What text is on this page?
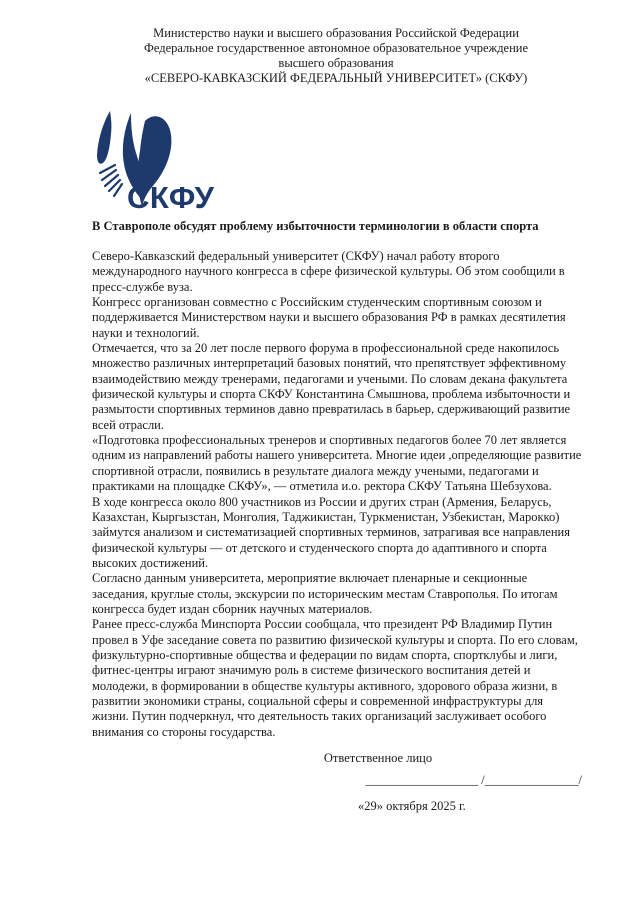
Министерство науки и высшего образования Российской Федерации
Федеральное государственное автономное образовательное учреждение
высшего образования
«СЕВЕРО-КАВКАЗСКИЙ ФЕДЕРАЛЬНЫЙ УНИВЕРСИТЕТ» (СКФУ)
СКФУ
В Ставрополе обсудят проблему избыточности терминологии в области спорта

Северо-Кавказский федеральный университет (СКФУ) начал работу второго международного научного конгресса в сфере физической культуры. Об этом сообщили в пресс-службе вуза.

Конгресс организован совместно с Российским студенческим спортивным союзом и поддерживается Министерством науки и высшего образования РФ в рамках десятилетия науки и технологий.

Отмечается, что за 20 лет после первого форума в профессиональной среде накопилось множество различных интерпретаций базовых понятий, что препятствует эффективному взаимодействию между тренерами, педагогами и учеными. По словам декана факультета физической культуры и спорта СКФУ Константина Смышнова, проблема избыточности и размытости спортивных терминов давно превратилась в барьер, сдерживающий развитие всей отрасли.

«Подготовка профессиональных тренеров и спортивных педагогов более 70 лет является одним из направлений работы нашего университета. Многие идеи ,определяющие развитие спортивной отрасли, появились в результате диалога между учеными, педагогами и практиками на площадке СКФУ», — отметила и.о. ректора СКФУ Татьяна Шебзухова.

В ходе конгресса около 800 участников из России и других стран (Армения, Беларусь, Казахстан, Кыргызстан, Монголия, Таджикистан, Туркменистан, Узбекистан, Марокко) займутся анализом и систематизацией спортивных терминов, затрагивая все направления физической культуры — от детского и студенческого спорта до адаптивного и спорта высоких достижений.

Согласно данным университета, мероприятие включает пленарные и секционные заседания, круглые столы, экскурсии по историческим местам Ставрополья. По итогам конгресса будет издан сборник научных материалов.

Ранее пресс-служба Минспорта России сообщала, что президент РФ Владимир Путин провел в Уфе заседание совета по развитию физической культуры и спорта. По его словам, физкультурно-спортивные общества и федерации по видам спорта, спортклубы и лиги, фитнес-центры играют значимую роль в системе физического воспитания детей и молодежи, в формировании в обществе культуры активного, здорового образа жизни, в развитии экономики страны, социальной сферы и современной инфраструктуры для жизни. Путин подчеркнул, что деятельность таких организаций заслуживает особого внимания со стороны государства.

Ответственное лицо
__________________ /_______________/
«29» октября 2025 г.
